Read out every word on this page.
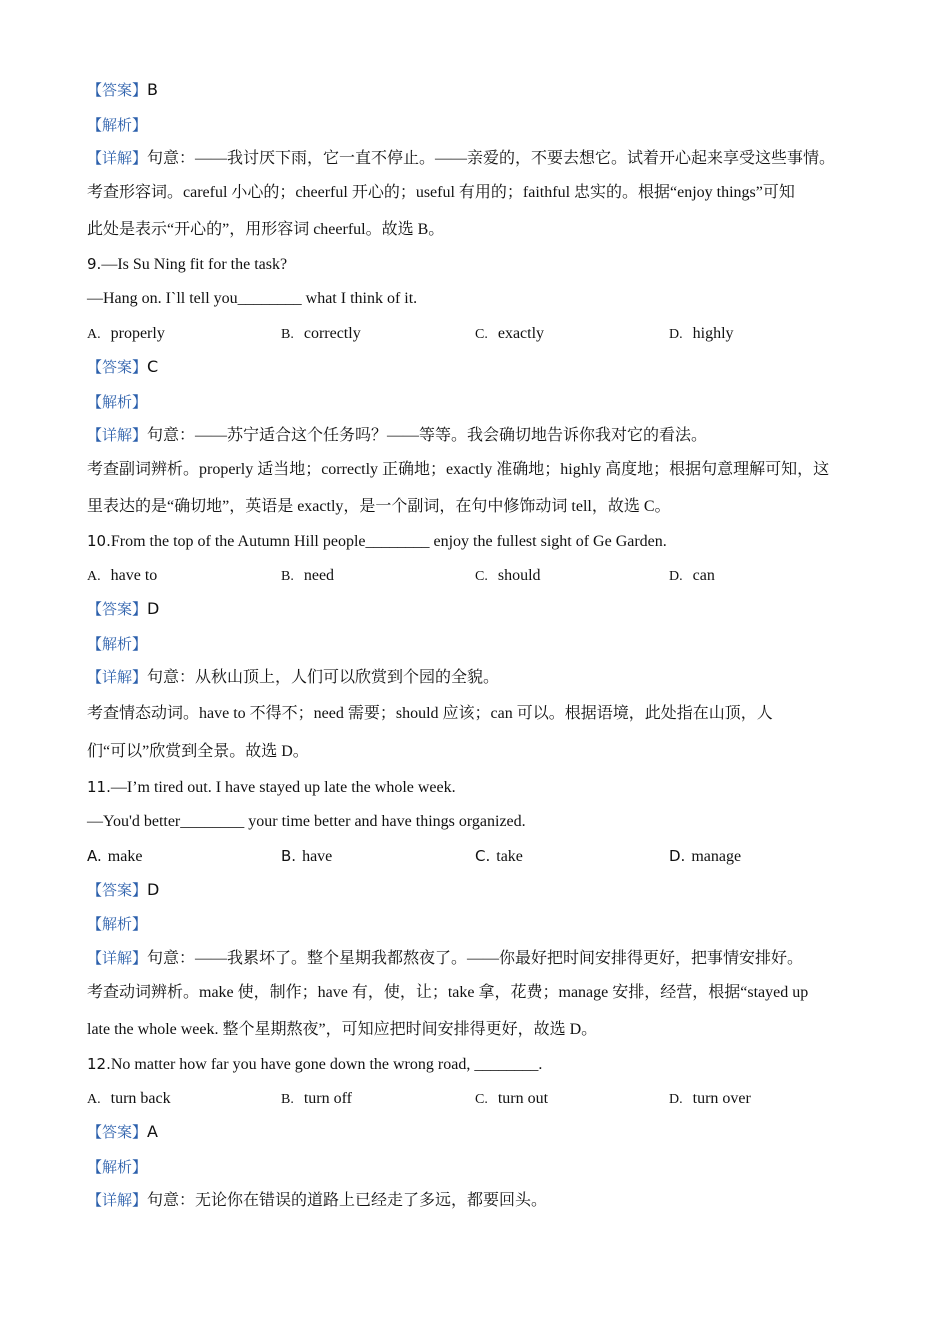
【答案】B
【解析】
【详解】句意：——我讨厌下雨，它一直不停止。——亲爱的，不要去想它。试着开心起来享受这些事情。
考查形容词。careful 小心的；cheerful 开心的；useful 有用的；faithful 忠实的。根据“enjoy things”可知
此处是表示“开心的”，用形容词 cheerful。故选 B。
9.—Is Su Ning fit for the task?
—Hang on. I`ll tell you________ what I think of it.
A. properly	B. correctly	C. exactly	D. highly
【答案】C
【解析】
【详解】句意：——苏宁适合这个任务吗？——等等。我会确切地告诉你我对它的看法。
考查副词辨析。properly 适当地；correctly 正确地；exactly 准确地；highly 高度地；根据句意理解可知，这
里表达的是“确切地”，英语是 exactly，是一个副词，在句中修饰动词 tell，故选 C。
10.From the top of the Autumn Hill people________ enjoy the fullest sight of Ge Garden.
A. have to	B. need	C. should	D. can
【答案】D
【解析】
【详解】句意：从秋山顶上，人们可以欣赏到个园的全貌。
考查情态动词。have to 不得不；need 需要；should 应该；can 可以。根据语境，此处指在山顶，人
们“可以”欣赏到全景。故选 D。
11.—I’m tired out. I have stayed up late the whole week.
—You'd better________ your time better and have things organized.
A. make	B. have	C. take	D. manage
【答案】D
【解析】
【详解】句意：——我累坏了。整个星期我都熬夜了。——你最好把时间安排得更好，把事情安排好。
考查动词辨析。make 使，制作；have 有，使，让；take 拿，花费；manage 安排，经营，根据“stayed up
late the whole week. 整个星期熬夜”，可知应把时间安排得更好，故选 D。
12.No matter how far you have gone down the wrong road, ________.
A. turn back	B. turn off	C. turn out	D. turn over
【答案】A
【解析】
【详解】句意：无论你在错误的道路上已经走了多远，都要回头。
